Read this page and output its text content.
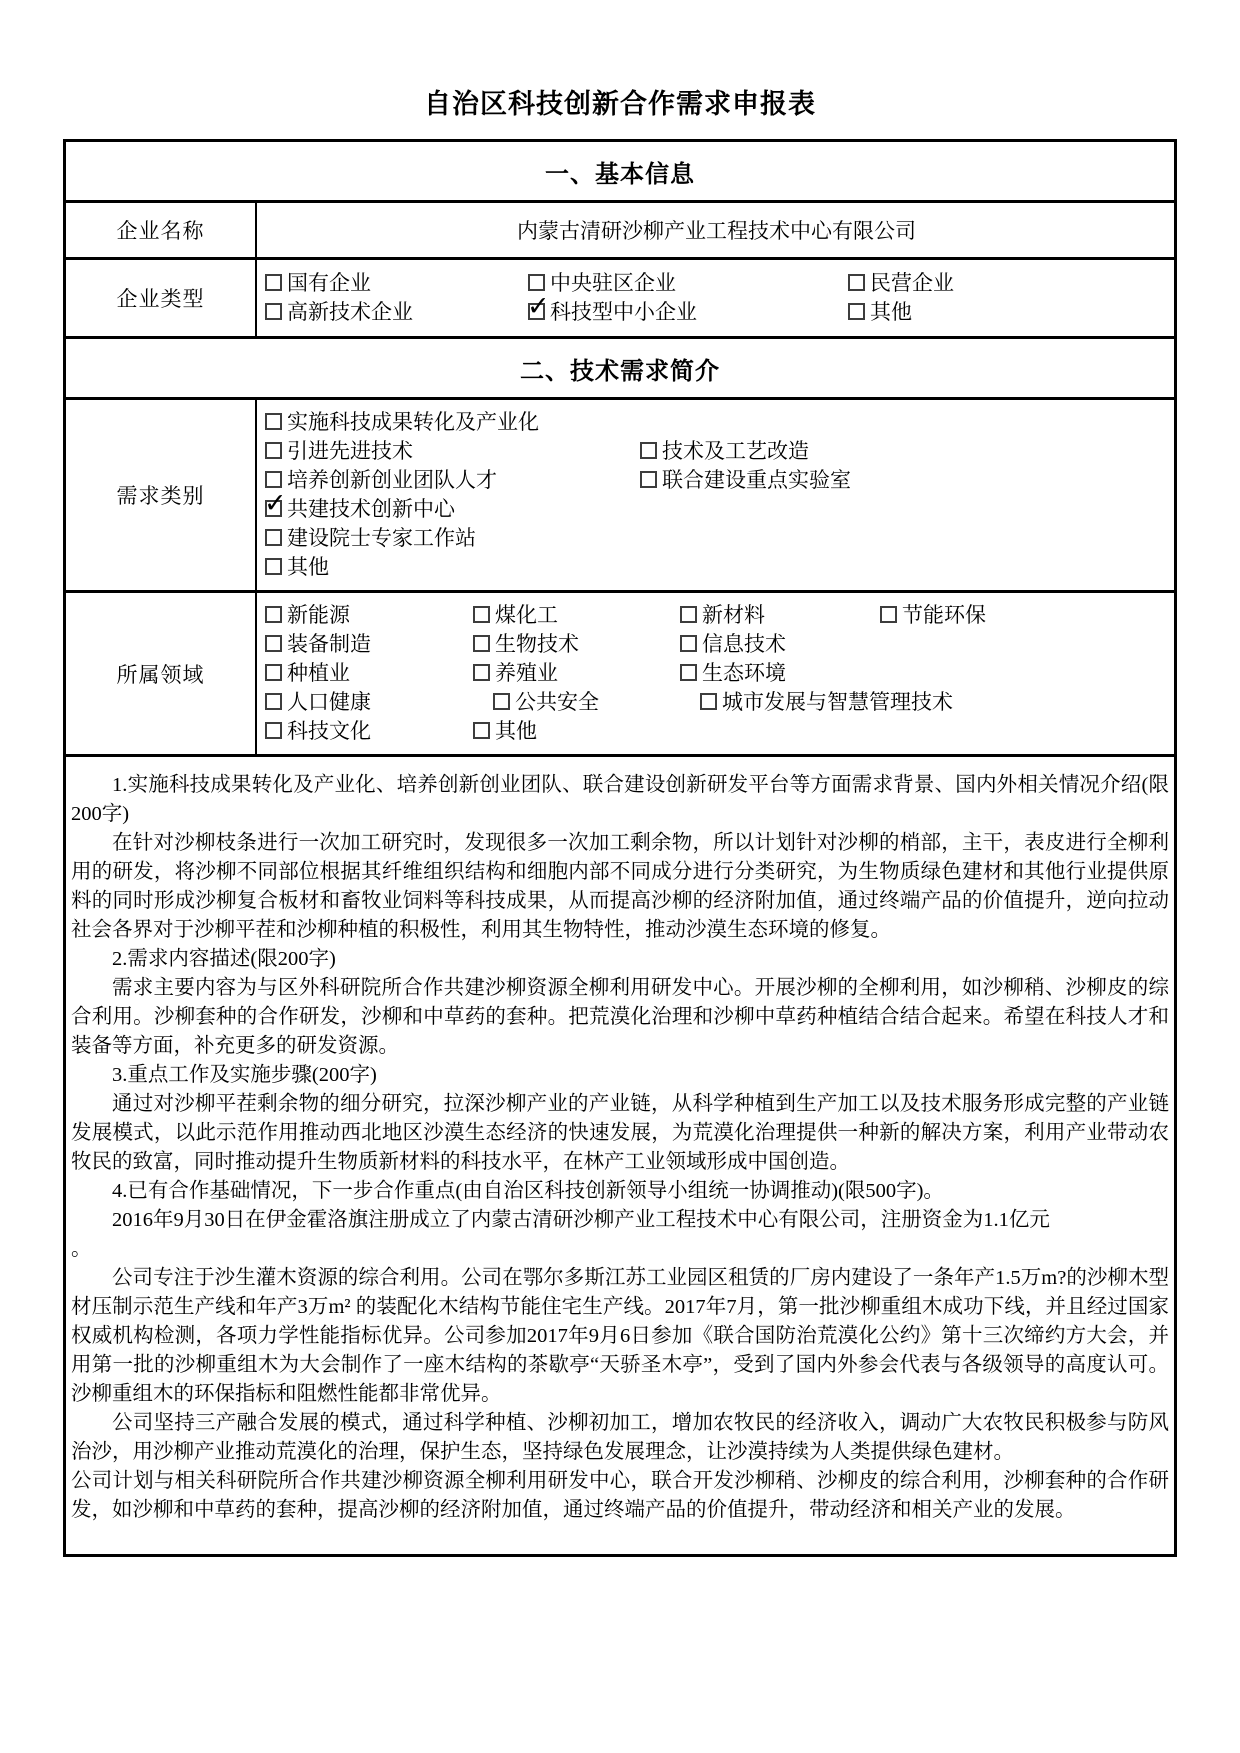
自治区科技创新合作需求申报表
一、基本信息
企业名称	内蒙古清研沙柳产业工程技术中心有限公司
企业类型
国有企业	中央驻区企业	民营企业
高新技术企业 ✓	科技型中小企业	其他
二、技术需求简介
需求类别
实施科技成果转化及产业化
引进先进技术	技术及工艺改造
培养创新创业团队人才	联合建设重点实验室
✓共建技术创新中心
建设院士专家工作站
其他
所属领域
新能源	煤化工	新材料	节能环保
装备制造	生物技术	信息技术
种植业	养殖业	生态环境
人口健康	公共安全	城市发展与智慧管理技术
科技文化	其他

1.实施科技成果转化及产业化、培养创新创业团队、联合建设创新研发平台等方面需求背景、国内外相关情况介绍(限200字)

在针对沙柳枝条进行一次加工研究时，发现很多一次加工剩余物，所以计划针对沙柳的梢部，主干，表皮进行全柳利用的研发，将沙柳不同部位根据其纤维组织结构和细胞内部不同成分进行分类研究，为生物质绿色建材和其他行业提供原料的同时形成沙柳复合板材和畜牧业饲料等科技成果，从而提高沙柳的经济附加值，通过终端产品的价值提升，逆向拉动社会各界对于沙柳平茬和沙柳种植的积极性，利用其生物特性，推动沙漠生态环境的修复。

2.需求内容描述(限200字)

需求主要内容为与区外科研院所合作共建沙柳资源全柳利用研发中心。开展沙柳的全柳利用，如沙柳稍、沙柳皮的综合利用。沙柳套种的合作研发，沙柳和中草药的套种。把荒漠化治理和沙柳中草药种植结合结合起来。希望在科技人才和装备等方面，补充更多的研发资源。

3.重点工作及实施步骤(200字)

通过对沙柳平茬剩余物的细分研究，拉深沙柳产业的产业链，从科学种植到生产加工以及技术服务形成完整的产业链发展模式，以此示范作用推动西北地区沙漠生态经济的快速发展，为荒漠化治理提供一种新的解决方案，利用产业带动农牧民的致富，同时推动提升生物质新材料的科技水平，在林产工业领域形成中国创造。

4.已有合作基础情况，下一步合作重点(由自治区科技创新领导小组统一协调推动)(限500字)。

2016年9月30日在伊金霍洛旗注册成立了内蒙古清研沙柳产业工程技术中心有限公司，注册资金为1.1亿元

。

公司专注于沙生灌木资源的综合利用。公司在鄂尔多斯江苏工业园区租赁的厂房内建设了一条年产1.5万m?的沙柳木型材压制示范生产线和年产3万m² 的装配化木结构节能住宅生产线。2017年7月，第一批沙柳重组木成功下线，并且经过国家权威机构检测，各项力学性能指标优异。公司参加2017年9月6日参加《联合国防治荒漠化公约》第十三次缔约方大会，并用第一批的沙柳重组木为大会制作了一座木结构的茶歇亭“天骄圣木亭”，受到了国内外参会代表与各级领导的高度认可。沙柳重组木的环保指标和阻燃性能都非常优异。

公司坚持三产融合发展的模式，通过科学种植、沙柳初加工，增加农牧民的经济收入，调动广大农牧民积极参与防风治沙，用沙柳产业推动荒漠化的治理，保护生态，坚持绿色发展理念，让沙漠持续为人类提供绿色建材。

公司计划与相关科研院所合作共建沙柳资源全柳利用研发中心，联合开发沙柳稍、沙柳皮的综合利用，沙柳套种的合作研发，如沙柳和中草药的套种，提高沙柳的经济附加值，通过终端产品的价值提升，带动经济和相关产业的发展。
